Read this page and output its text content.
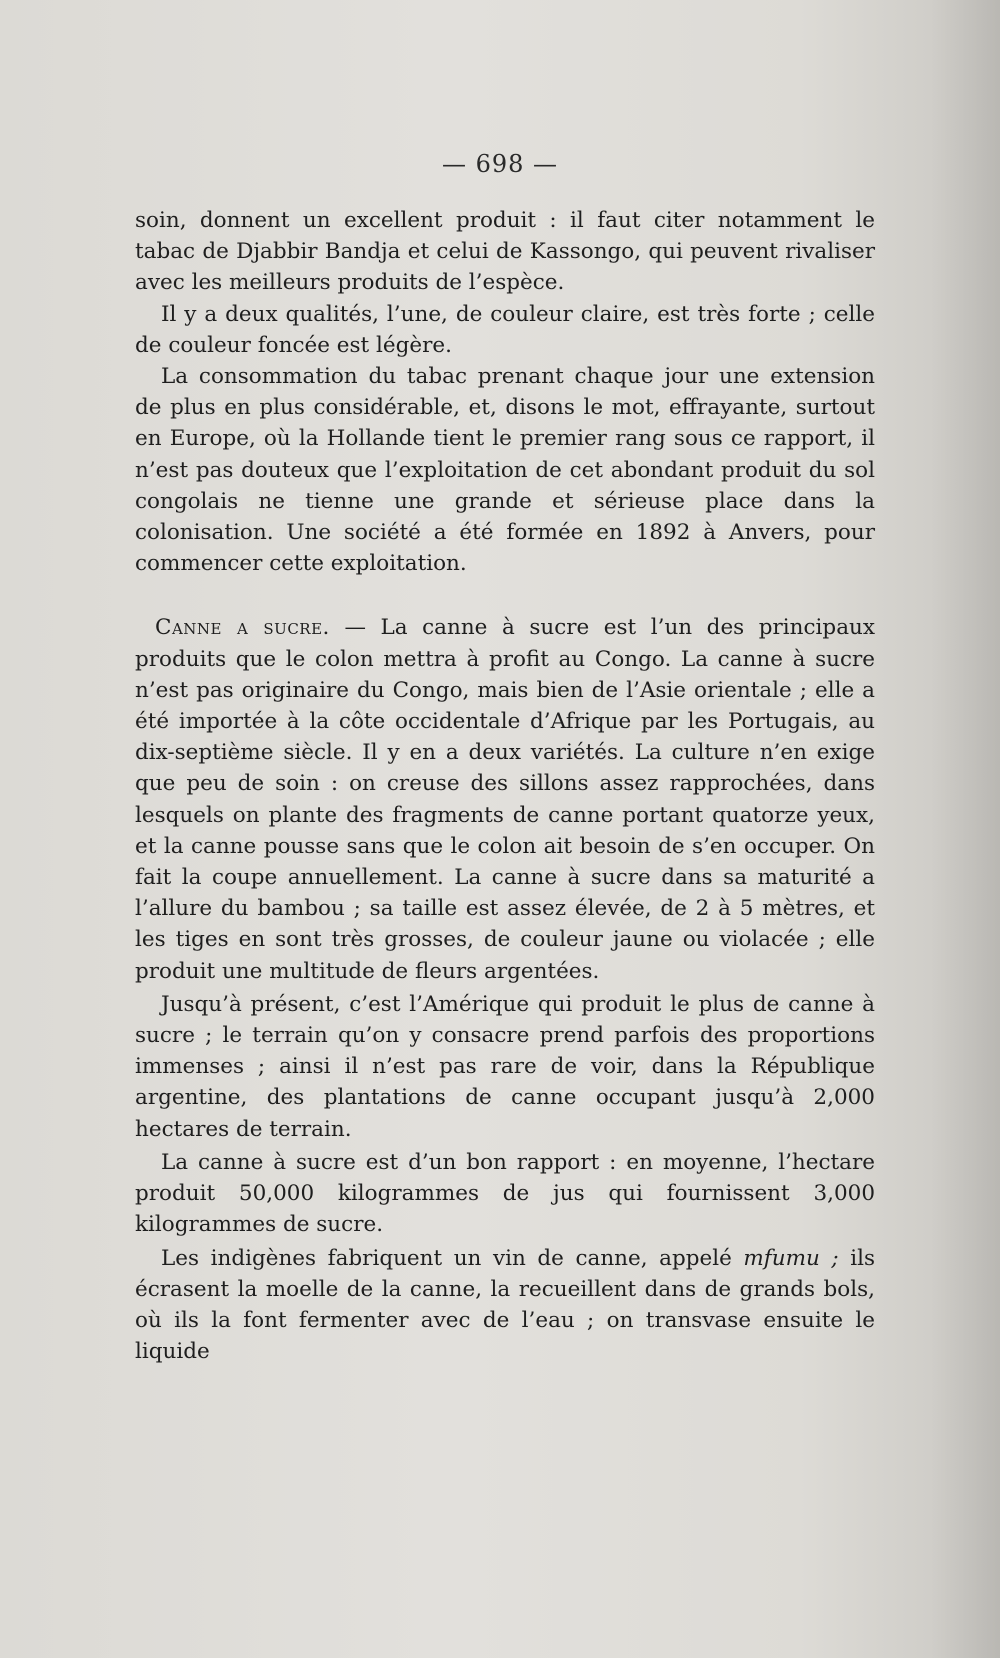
— 698 —

soin, donnent un excellent produit : il faut citer notamment le tabac de Djabbir Bandja et celui de Kassongo, qui peuvent rivaliser avec les meilleurs produits de l’espèce.

Il y a deux qualités, l’une, de couleur claire, est très forte ; celle de couleur foncée est légère.

La consommation du tabac prenant chaque jour une extension de plus en plus considérable, et, disons le mot, effrayante, surtout en Europe, où la Hollande tient le premier rang sous ce rapport, il n’est pas douteux que l’exploitation de cet abondant produit du sol congolais ne tienne une grande et sérieuse place dans la colonisation. Une société a été formée en 1892 à Anvers, pour commencer cette exploitation.

Canne a sucre. — La canne à sucre est l’un des principaux produits que le colon mettra à profit au Congo. La canne à sucre n’est pas originaire du Congo, mais bien de l’Asie orientale ; elle a été importée à la côte occidentale d’Afrique par les Portugais, au dix-septième siècle. Il y en a deux variétés. La culture n’en exige que peu de soin : on creuse des sillons assez rapprochées, dans lesquels on plante des fragments de canne portant quatorze yeux, et la canne pousse sans que le colon ait besoin de s’en occuper. On fait la coupe annuellement. La canne à sucre dans sa maturité a l’allure du bambou ; sa taille est assez élevée, de 2 à 5 mètres, et les tiges en sont très grosses, de couleur jaune ou violacée ; elle produit une multitude de fleurs argentées.

Jusqu’à présent, c’est l’Amérique qui produit le plus de canne à sucre ; le terrain qu’on y consacre prend parfois des proportions immenses ; ainsi il n’est pas rare de voir, dans la République argentine, des plantations de canne occupant jusqu’à 2,000 hectares de terrain.

La canne à sucre est d’un bon rapport : en moyenne, l’hectare produit 50,000 kilogrammes de jus qui fournissent 3,000 kilogrammes de sucre.

Les indigènes fabriquent un vin de canne, appelé mfumu ; ils écrasent la moelle de la canne, la recueillent dans de grands bols, où ils la font fermenter avec de l’eau ; on transvase ensuite le liquide
